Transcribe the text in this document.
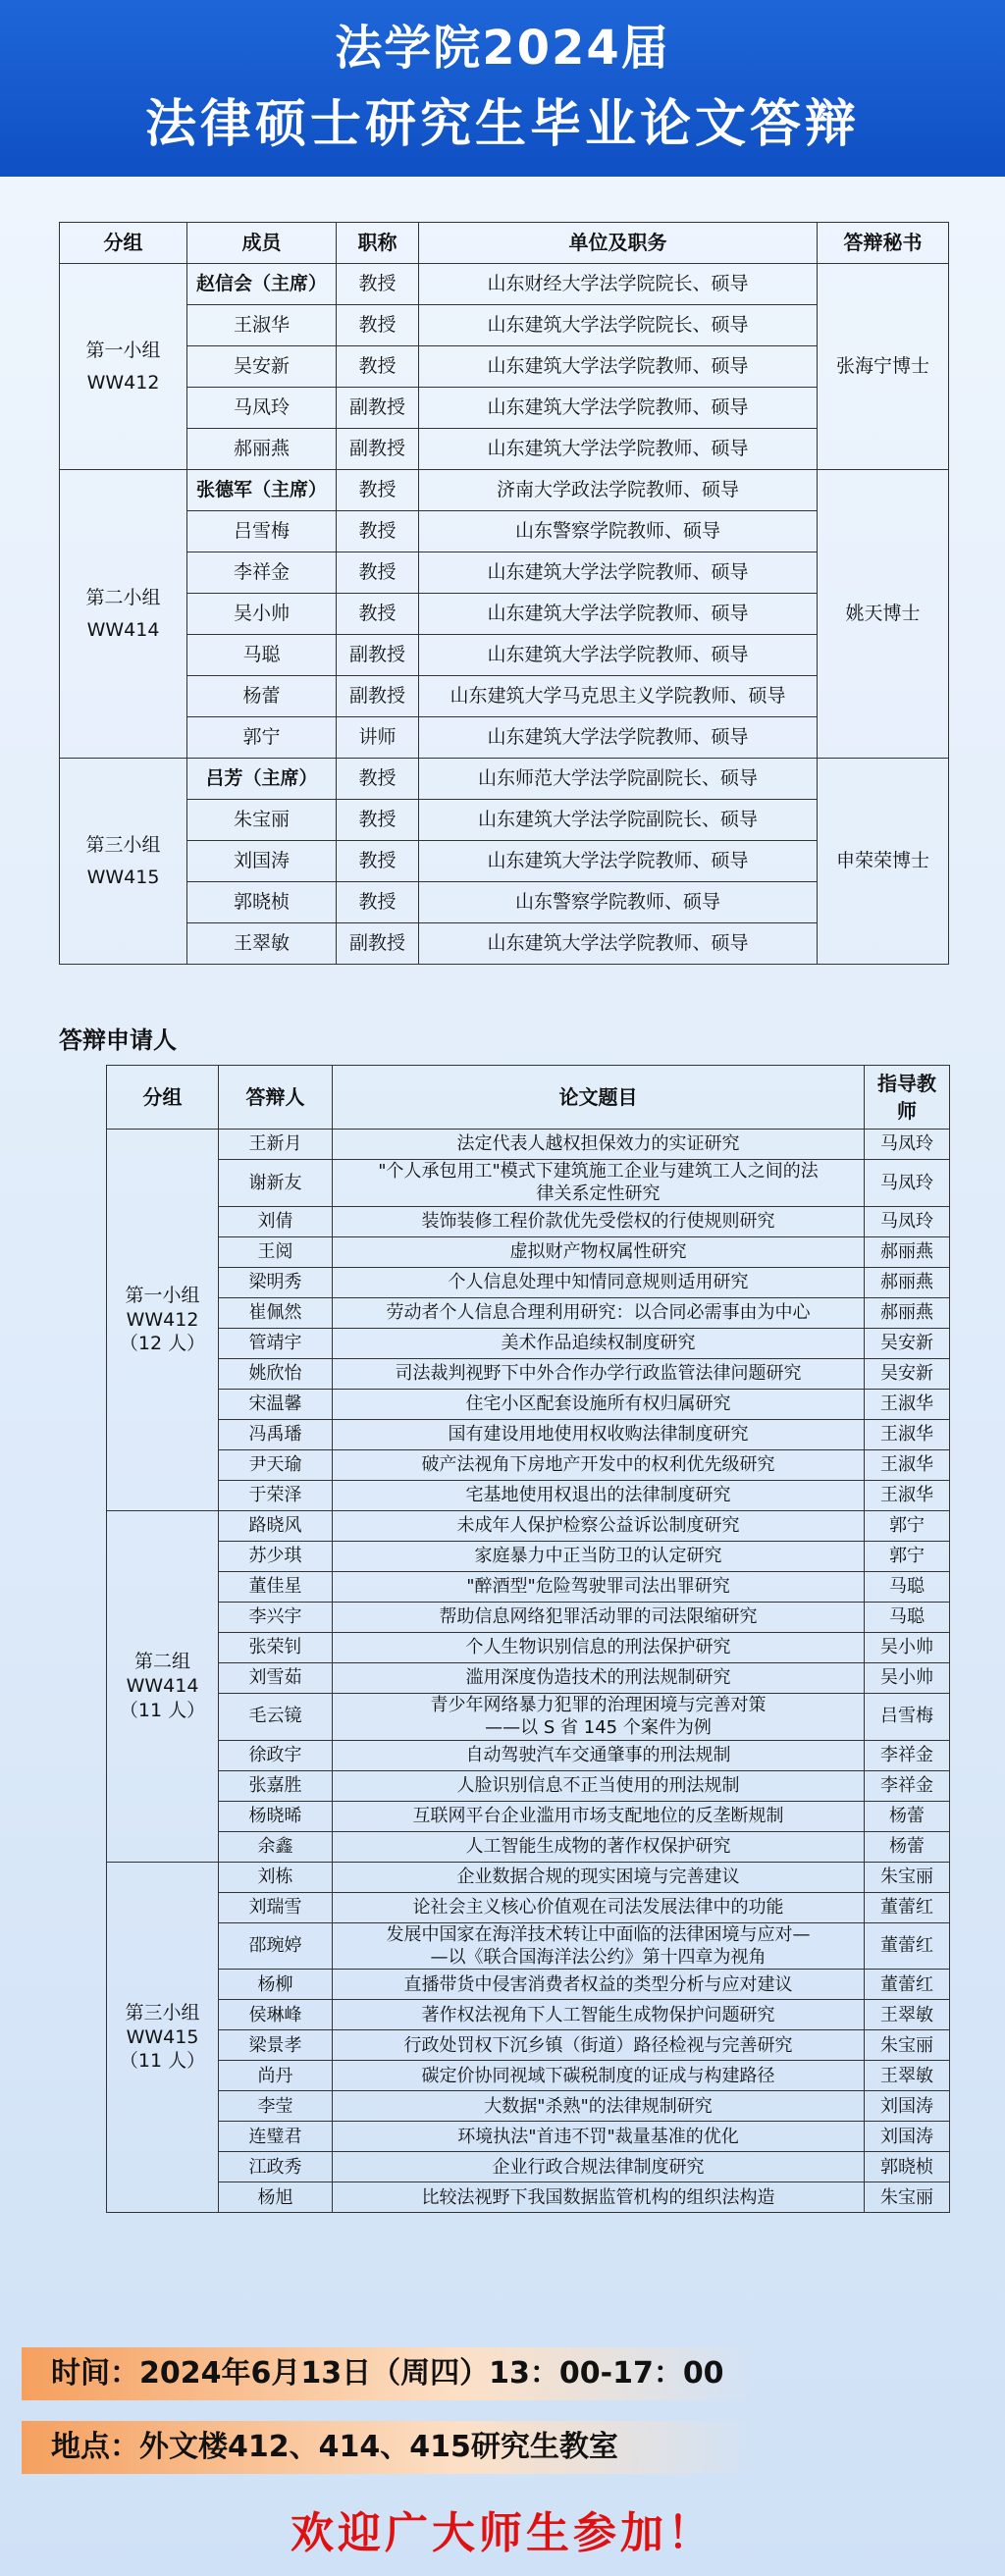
法学院2024届
法律硕士研究生毕业论文答辩
分组	成员	职称	单位及职务	答辩秘书
第一小组
WW412	赵信会（主席）	教授	山东财经大学法学院院长、硕导	张海宁博士
	王淑华	教授	山东建筑大学法学院院长、硕导	
	吴安新	教授	山东建筑大学法学院教师、硕导	
	马凤玲	副教授	山东建筑大学法学院教师、硕导	
	郝丽燕	副教授	山东建筑大学法学院教师、硕导	
第二小组
WW414	张德军（主席）	教授	济南大学政法学院教师、硕导	姚天博士
	吕雪梅	教授	山东警察学院教师、硕导	
	李祥金	教授	山东建筑大学法学院教师、硕导	
	吴小帅	教授	山东建筑大学法学院教师、硕导	
	马聪	副教授	山东建筑大学法学院教师、硕导	
	杨蕾	副教授	山东建筑大学马克思主义学院教师、硕导	
	郭宁	讲师	山东建筑大学法学院教师、硕导	
第三小组
WW415	吕芳（主席）	教授	山东师范大学法学院副院长、硕导	申荣荣博士
	朱宝丽	教授	山东建筑大学法学院副院长、硕导	
	刘国涛	教授	山东建筑大学法学院教师、硕导	
	郭晓桢	教授	山东警察学院教师、硕导	
	王翠敏	副教授	山东建筑大学法学院教师、硕导	
答辩申请人
分组	答辩人	论文题目	指导教
师
第一小组
WW412
（12 人）	王新月	法定代表人越权担保效力的实证研究	马凤玲
	谢新友	"个人承包用工"模式下建筑施工企业与建筑工人之间的法
律关系定性研究	马凤玲
	刘倩	装饰装修工程价款优先受偿权的行使规则研究	马凤玲
	王阅	虚拟财产物权属性研究	郝丽燕
	梁明秀	个人信息处理中知情同意规则适用研究	郝丽燕
	崔佩然	劳动者个人信息合理利用研究：以合同必需事由为中心	郝丽燕
	管靖宇	美术作品追续权制度研究	吴安新
	姚欣怡	司法裁判视野下中外合作办学行政监管法律问题研究	吴安新
	宋温馨	住宅小区配套设施所有权归属研究	王淑华
	冯禹璠	国有建设用地使用权收购法律制度研究	王淑华
	尹天瑜	破产法视角下房地产开发中的权利优先级研究	王淑华
	于荣泽	宅基地使用权退出的法律制度研究	王淑华
第二组
WW414
（11 人）	路晓风	未成年人保护检察公益诉讼制度研究	郭宁
	苏少琪	家庭暴力中正当防卫的认定研究	郭宁
	董佳星	"醉酒型"危险驾驶罪司法出罪研究	马聪
	李兴宇	帮助信息网络犯罪活动罪的司法限缩研究	马聪
	张荣钊	个人生物识别信息的刑法保护研究	吴小帅
	刘雪茹	滥用深度伪造技术的刑法规制研究	吴小帅
	毛云镜	青少年网络暴力犯罪的治理困境与完善对策
——以 S 省 145 个案件为例	吕雪梅
	徐政宇	自动驾驶汽车交通肇事的刑法规制	李祥金
	张嘉胜	人脸识别信息不正当使用的刑法规制	李祥金
	杨晓晞	互联网平台企业滥用市场支配地位的反垄断规制	杨蕾
	余鑫	人工智能生成物的著作权保护研究	杨蕾
第三小组
WW415
（11 人）	刘栋	企业数据合规的现实困境与完善建议	朱宝丽
	刘瑞雪	论社会主义核心价值观在司法发展法律中的功能	董蕾红
	邵琬婷	发展中国家在海洋技术转让中面临的法律困境与应对—
—以《联合国海洋法公约》第十四章为视角	董蕾红
	杨柳	直播带货中侵害消费者权益的类型分析与应对建议	董蕾红
	侯琳峰	著作权法视角下人工智能生成物保护问题研究	王翠敏
	梁景孝	行政处罚权下沉乡镇（街道）路径检视与完善研究	朱宝丽
	尚丹	碳定价协同视域下碳税制度的证成与构建路径	王翠敏
	李莹	大数据"杀熟"的法律规制研究	刘国涛
	连璧君	环境执法"首违不罚"裁量基准的优化	刘国涛
	江政秀	企业行政合规法律制度研究	郭晓桢
	杨旭	比较法视野下我国数据监管机构的组织法构造	朱宝丽
时间：2024年6月13日（周四）13：00-17：00
地点：外文楼412、414、415研究生教室
欢迎广大师生参加！
